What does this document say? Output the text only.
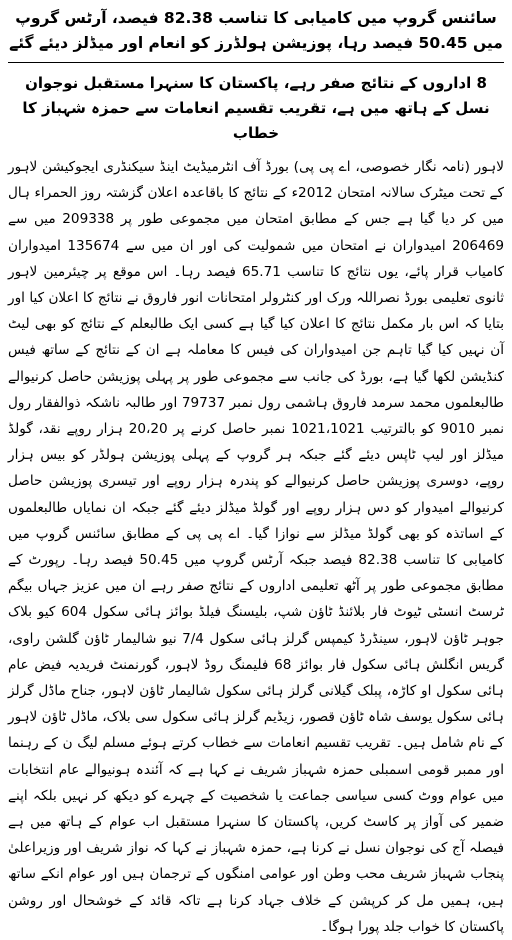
سائنس گروپ میں کامیابی کا تناسب 82.38 فیصد، آرٹس گروپ میں 50.45 فیصد رہا، پوزیشن ہولڈرز کو انعام اور میڈلز دیئے گئے
8 اداروں کے نتائج صفر رہے، پاکستان کا سنہرا مستقبل نوجوان نسل کے ہاتھ میں ہے، تقریب تقسیم انعامات سے حمزہ شہباز کا خطاب

لاہور (نامہ نگار خصوصی، اے پی پی) بورڈ آف انٹرمیڈیٹ اینڈ سیکنڈری ایجوکیشن لاہور کے تحت میٹرک سالانہ امتحان 2012ء کے نتائج کا باقاعدہ اعلان گزشتہ روز الحمراء ہال میں کر دیا گیا ہے جس کے مطابق امتحان میں مجموعی طور پر 209338 میں سے 206469 امیدواران نے امتحان میں شمولیت کی اور ان میں سے 135674 امیدواران کامیاب قرار پائے، یوں نتائج کا تناسب 65.71 فیصد رہا۔ اس موقع پر چیئرمین لاہور ثانوی تعلیمی بورڈ نصراللہ ورک اور کنٹرولر امتحانات انور فاروق نے نتائج کا اعلان کیا اور بتایا کہ اس بار مکمل نتائج کا اعلان کیا گیا ہے کسی ایک طالبعلم کے نتائج کو بھی لیٹ آن نہیں کیا گیا تاہم جن امیدواران کی فیس کا معاملہ ہے ان کے نتائج کے ساتھ فیس کنڈیشن لکھا گیا ہے، بورڈ کی جانب سے مجموعی طور پر پہلی پوزیشن حاصل کرنیوالے طالبعلموں محمد سرمد فاروق ہاشمی رول نمبر 79737 اور طالبہ ناشکہ ذوالفقار رول نمبر 9010 کو بالترتیب 1021،1021 نمبر حاصل کرنے پر 20،20 ہزار روپے نقد، گولڈ میڈلز اور لیپ ٹاپس دیئے گئے جبکہ ہر گروپ کے پہلی پوزیشن ہولڈر کو بیس ہزار روپے، دوسری پوزیشن حاصل کرنیوالے کو پندرہ ہزار روپے اور تیسری پوزیشن حاصل کرنیوالے امیدوار کو دس ہزار روپے اور گولڈ میڈلز دیئے گئے جبکہ ان نمایاں طالبعلموں کے اساتذہ کو بھی گولڈ میڈلز سے نوازا گیا۔ اے پی پی کے مطابق سائنس گروپ میں کامیابی کا تناسب 82.38 فیصد جبکہ آرٹس گروپ میں 50.45 فیصد رہا۔ رپورٹ کے مطابق مجموعی طور پر آٹھ تعلیمی اداروں کے نتائج صفر رہے ان میں عزیز جہاں بیگم ٹرسٹ انسٹی ٹیوٹ فار بلائنڈ ٹاؤن شپ، بلیسنگ فیلڈ بوائز ہائی سکول 604 کیو بلاک جوہر ٹاؤن لاہور، سینڈرڈ کیمپس گرلز ہائی سکول 7/4 نیو شالیمار ٹاؤن گلشن راوی، گریس انگلش ہائی سکول فار بوائز 68 فلیمنگ روڈ لاہور، گورنمنٹ فریدیہ فیض عام ہائی سکول او کاڑہ، پبلک گیلانی گرلز ہائی سکول شالیمار ٹاؤن لاہور، جناح ماڈل گرلز ہائی سکول یوسف شاہ ٹاؤن قصور، زیڈیم گرلز ہائی سکول سی بلاک، ماڈل ٹاؤن لاہور کے نام شامل ہیں۔ تقریب تقسیم انعامات سے خطاب کرتے ہوئے مسلم لیگ ن کے رہنما اور ممبر قومی اسمبلی حمزہ شہباز شریف نے کہا ہے کہ آئندہ ہونیوالے عام انتخابات میں عوام ووٹ کسی سیاسی جماعت یا شخصیت کے چہرے کو دیکھ کر نہیں بلکہ اپنے ضمیر کی آواز پر کاسٹ کریں، پاکستان کا سنہرا مستقبل اب عوام کے ہاتھ میں ہے فیصلہ آج کی نوجوان نسل نے کرنا ہے، حمزہ شہباز نے کہا کہ نواز شریف اور وزیراعلیٰ پنجاب شہباز شریف محب وطن اور عوامی امنگوں کے ترجمان ہیں اور عوام انکے ساتھ ہیں، ہمیں مل کر کرپشن کے خلاف جہاد کرنا ہے تاکہ قائد کے خوشحال اور روشن پاکستان کا خواب جلد پورا ہوگا۔
